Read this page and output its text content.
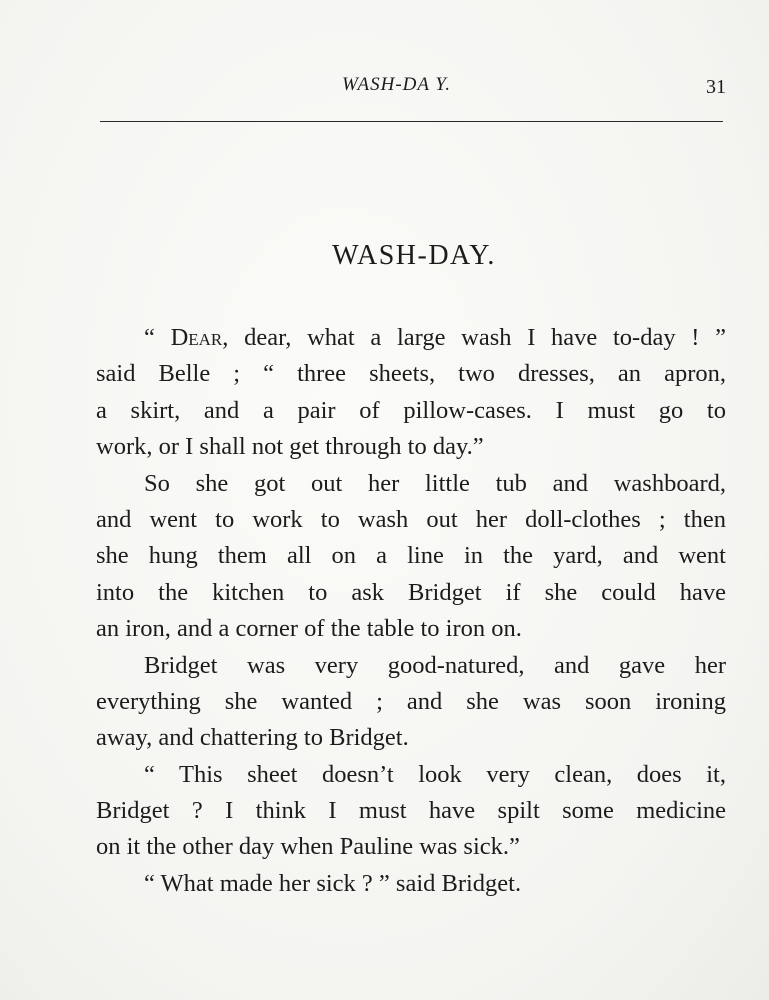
WASH-DA Y.	31
WASH-DAY.
“ Dear, dear, what a large wash I have to-day ! ”
said Belle ; “ three sheets, two dresses, an apron,
a skirt, and a pair of pillow-cases. I must go to
work, or I shall not get through to day.”
So she got out her little tub and washboard,
and went to work to wash out her doll-clothes ; then
she hung them all on a line in the yard, and went
into the kitchen to ask Bridget if she could have
an iron, and a corner of the table to iron on.
Bridget was very good-natured, and gave her
everything she wanted ; and she was soon ironing
away, and chattering to Bridget.
“ This sheet doesn’t look very clean, does it,
Bridget ? I think I must have spilt some medicine
on it the other day when Pauline was sick.”
“ What made her sick ? ” said Bridget.
